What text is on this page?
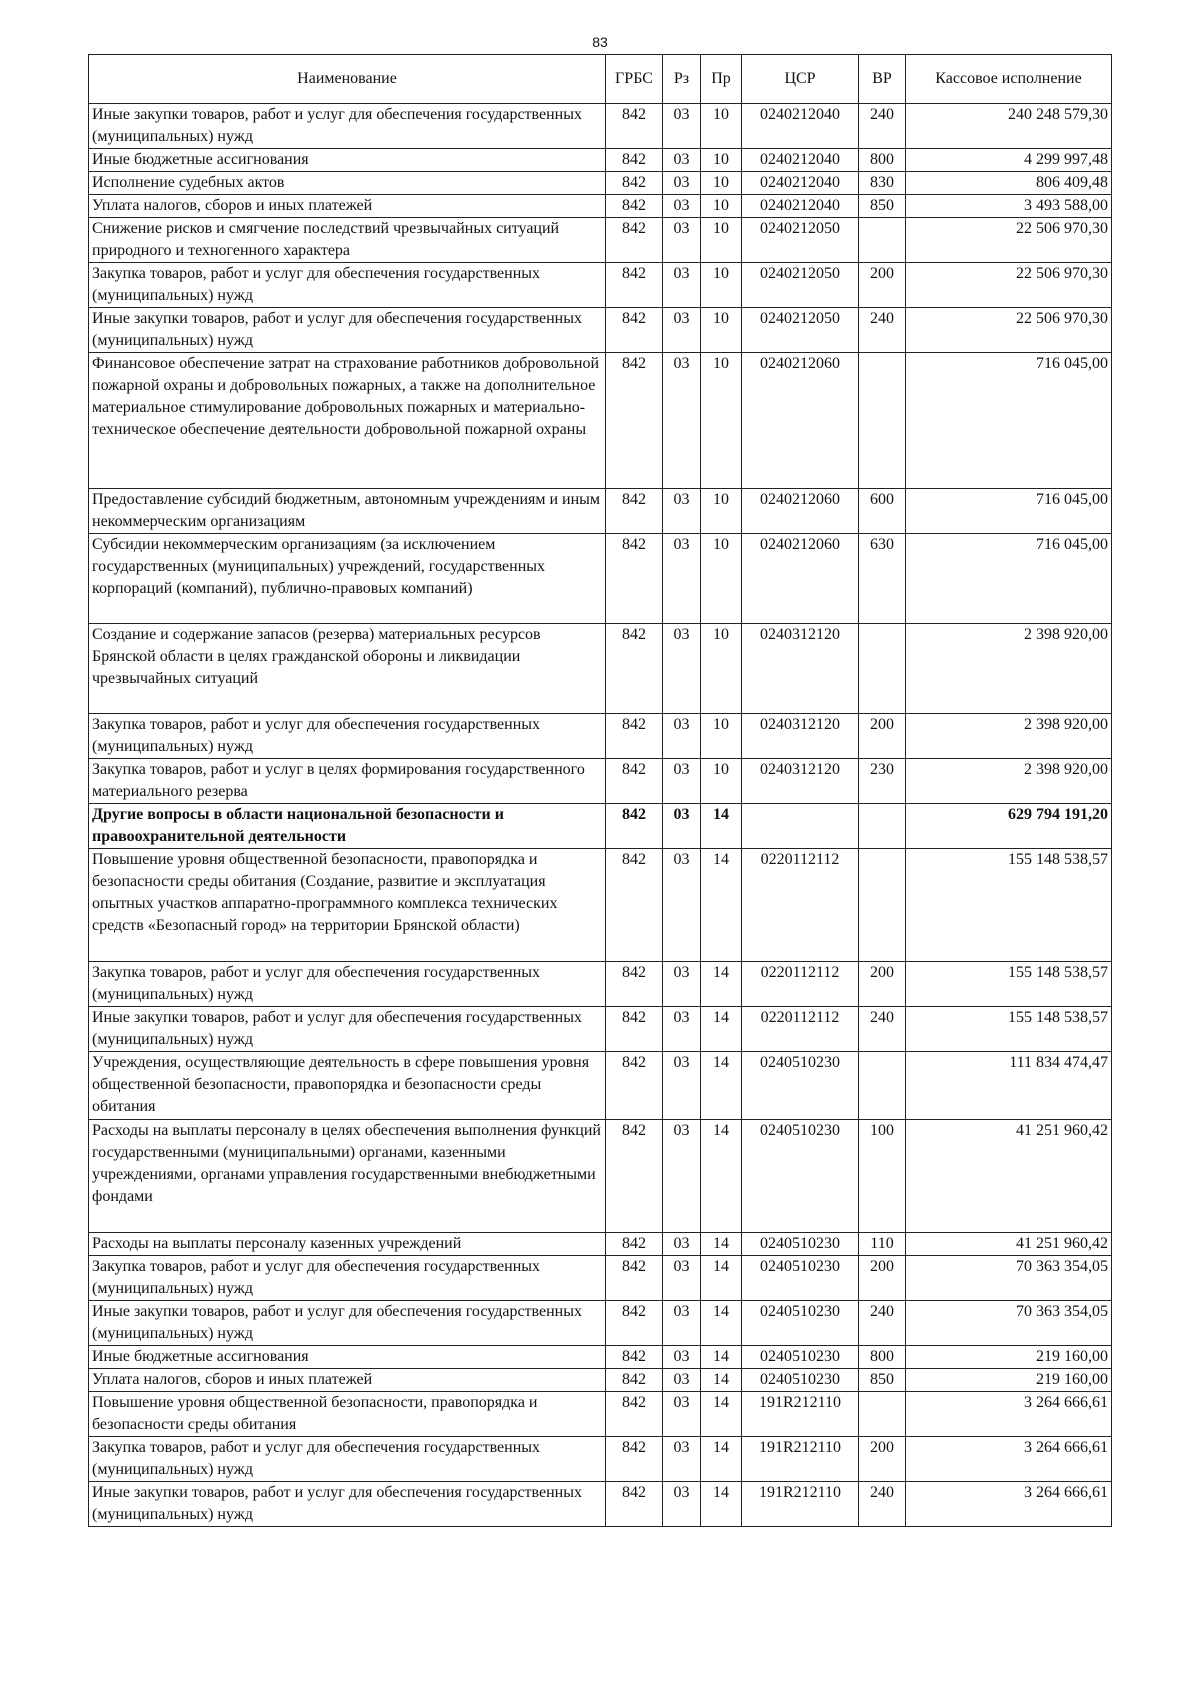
83
Наименование	ГРБС	Рз	Пр	ЦСР	ВР	Кассовое исполнение
Иные закупки товаров, работ и услуг для обеспечения государственных (муниципальных) нужд	842	03	10	0240212040	240	240 248 579,30
Иные бюджетные ассигнования	842	03	10	0240212040	800	4 299 997,48
Исполнение судебных актов	842	03	10	0240212040	830	806 409,48
Уплата налогов, сборов и иных платежей	842	03	10	0240212040	850	3 493 588,00
Снижение рисков и смягчение последствий чрезвычайных ситуаций природного и техногенного характера	842	03	10	0240212050		22 506 970,30
Закупка товаров, работ и услуг для обеспечения государственных (муниципальных) нужд	842	03	10	0240212050	200	22 506 970,30
Иные закупки товаров, работ и услуг для обеспечения государственных (муниципальных) нужд	842	03	10	0240212050	240	22 506 970,30
Финансовое обеспечение затрат на страхование работников добровольной пожарной охраны и добровольных пожарных, а также на дополнительное материальное стимулирование добровольных пожарных и материально-техническое обеспечение деятельности добровольной пожарной охраны	842	03	10	0240212060		716 045,00
Предоставление субсидий бюджетным, автономным учреждениям и иным некоммерческим организациям	842	03	10	0240212060	600	716 045,00
Субсидии некоммерческим организациям (за исключением государственных (муниципальных) учреждений, государственных корпораций (компаний), публично-правовых компаний)	842	03	10	0240212060	630	716 045,00
Создание и содержание запасов (резерва) материальных ресурсов Брянской области в целях гражданской обороны и ликвидации чрезвычайных ситуаций	842	03	10	0240312120		2 398 920,00
Закупка товаров, работ и услуг для обеспечения государственных (муниципальных) нужд	842	03	10	0240312120	200	2 398 920,00
Закупка товаров, работ и услуг в целях формирования государственного материального резерва	842	03	10	0240312120	230	2 398 920,00
Другие вопросы в области национальной безопасности и правоохранительной деятельности	842	03	14			629 794 191,20
Повышение уровня общественной безопасности, правопорядка и безопасности среды обитания (Создание, развитие и эксплуатация опытных участков аппаратно-программного комплекса технических средств «Безопасный город» на территории Брянской области)	842	03	14	0220112112		155 148 538,57
Закупка товаров, работ и услуг для обеспечения государственных (муниципальных) нужд	842	03	14	0220112112	200	155 148 538,57
Иные закупки товаров, работ и услуг для обеспечения государственных (муниципальных) нужд	842	03	14	0220112112	240	155 148 538,57
Учреждения, осуществляющие деятельность в сфере повышения уровня общественной безопасности, правопорядка и безопасности среды обитания	842	03	14	0240510230		111 834 474,47
Расходы на выплаты персоналу в целях обеспечения выполнения функций государственными (муниципальными) органами, казенными учреждениями, органами управления государственными внебюджетными фондами	842	03	14	0240510230	100	41 251 960,42
Расходы на выплаты персоналу казенных учреждений	842	03	14	0240510230	110	41 251 960,42
Закупка товаров, работ и услуг для обеспечения государственных (муниципальных) нужд	842	03	14	0240510230	200	70 363 354,05
Иные закупки товаров, работ и услуг для обеспечения государственных (муниципальных) нужд	842	03	14	0240510230	240	70 363 354,05
Иные бюджетные ассигнования	842	03	14	0240510230	800	219 160,00
Уплата налогов, сборов и иных платежей	842	03	14	0240510230	850	219 160,00
Повышение уровня общественной безопасности, правопорядка и безопасности среды обитания	842	03	14	191R212110		3 264 666,61
Закупка товаров, работ и услуг для обеспечения государственных (муниципальных) нужд	842	03	14	191R212110	200	3 264 666,61
Иные закупки товаров, работ и услуг для обеспечения государственных (муниципальных) нужд	842	03	14	191R212110	240	3 264 666,61
